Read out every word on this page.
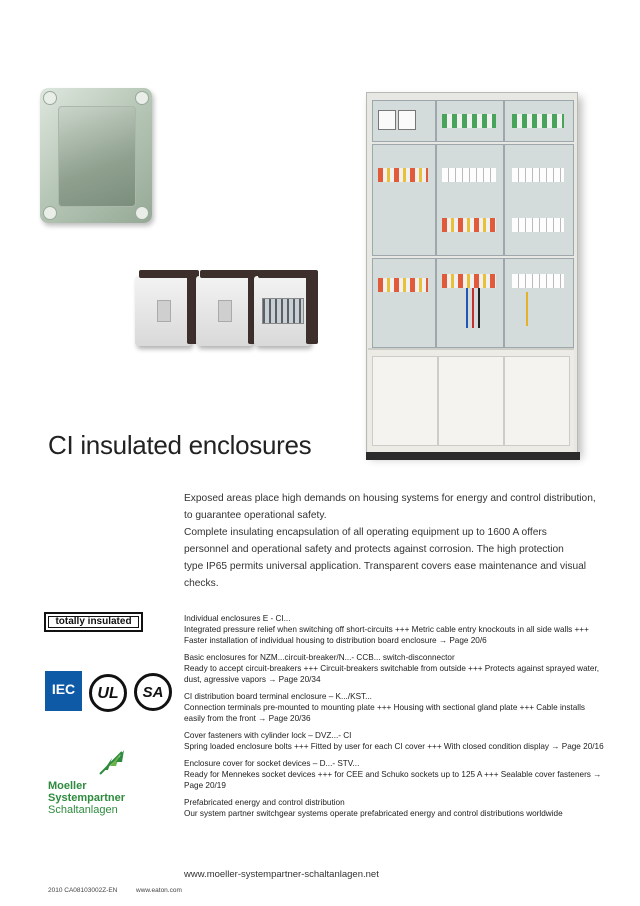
CI insulated enclosures

Exposed areas place high demands on housing systems for energy and control distribution,

to guarantee operational safety.

Complete insulating encapsulation of all operating equipment up to 1600 A offers

personnel and operational safety and protects against corrosion. The high protection

type IP65 permits universal application. Transparent covers ease maintenance and visual

checks.

totally insulated
IEC	UL	SA
Moeller
Systempartner
Schaltanlagen
Individual enclosures E - CI...
Integrated pressure relief when switching off short-circuits +++ Metric cable entry knockouts in all side walls +++ Faster installation of individual housing to distribution board enclosure → Page 20/6
Basic enclosures for NZM...circuit-breaker/N...- CCB... switch-disconnector
Ready to accept circuit-breakers +++ Circuit-breakers switchable from outside +++ Protects against sprayed water, dust, agressive vapors → Page 20/34
CI distribution board terminal enclosure – K.../KST...
Connection terminals pre-mounted to mounting plate +++ Housing with sectional gland plate +++ Cable installs easily from the front → Page 20/36
Cover fasteners with cylinder lock – DVZ...- CI
Spring loaded enclosure bolts +++ Fitted by user for each CI cover +++ With closed condition display → Page 20/16
Enclosure cover for socket devices – D...- STV...
Ready for Mennekes socket devices +++ for CEE and Schuko sockets up to 125 A +++ Sealable cover fasteners → Page 20/19
Prefabricated energy and control distribution
Our system partner switchgear systems operate prefabricated energy and control distributions worldwide
www.moeller-systempartner-schaltanlagen.net
2010 CA08103002Z-EN	www.eaton.com
